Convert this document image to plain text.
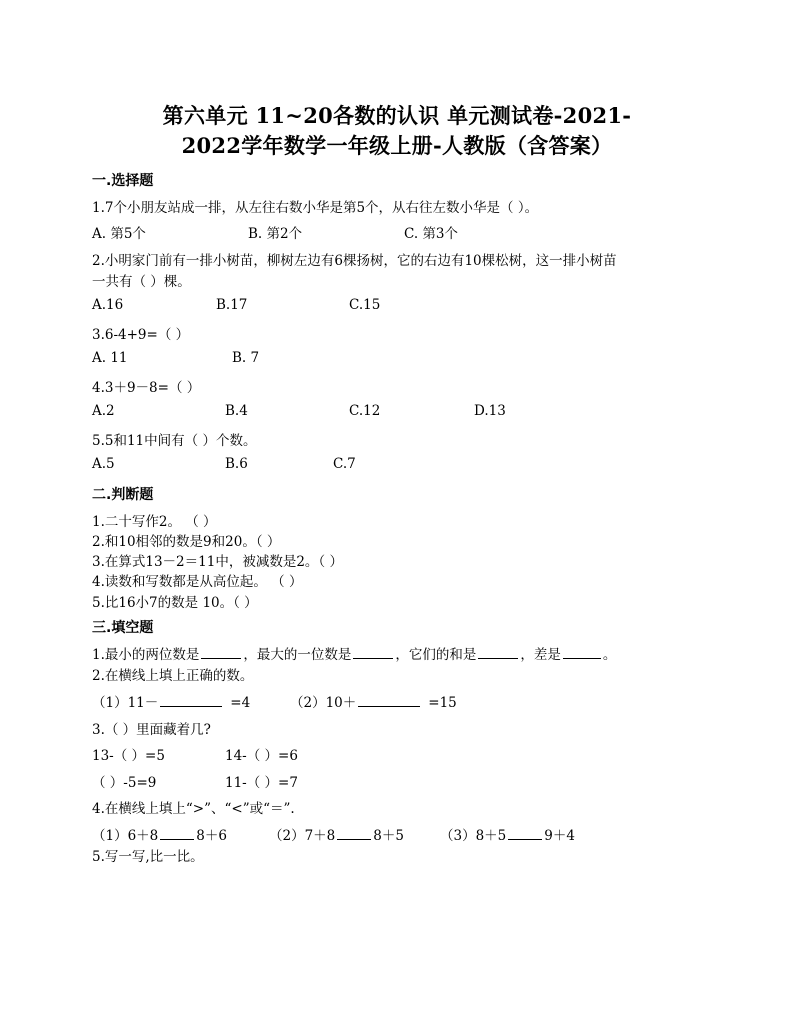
第六单元 11~20各数的认识 单元测试卷-2021-
2022学年数学一年级上册-人教版（含答案）
一.选择题
1.7个小朋友站成一排，从左往右数小华是第5个，从右往左数小华是（ ）。
A. 第5个	B. 第2个	C. 第3个
2.小明家门前有一排小树苗，柳树左边有6棵扬树，它的右边有10棵松树，这一排小树苗
一共有（ ）棵。
A.16	B.17	C.15
3.6-4+9=（ ）
A. 11	B. 7
4.3＋9－8=（ ）
A.2	B.4	C.12	D.13
5.5和11中间有（ ）个数。
A.5	B.6	C.7
二.判断题
1.二十写作2。 （ ）
2.和10相邻的数是9和20。（ ）
3.在算式13－2＝11中，被减数是2。（ ）
4.读数和写数都是从高位起。 （ ）
5.比16小7的数是 10。（ ）
三.填空题
1.最小的两位数是	，最大的一位数是	，它们的和是	，差是	。
2.在横线上填上正确的数。
（1）11－	=4	（2）10＋	=15
3.（ ）里面藏着几?
13-（ ）=5	14-（ ）=6
（ ）-5=9	11-（ ）=7
4.在横线上填上“>”、“<”或“＝”.
（1）6＋8	8＋6	（2）7＋8	8＋5	（3）8＋5	9＋4
5.写一写,比一比。
